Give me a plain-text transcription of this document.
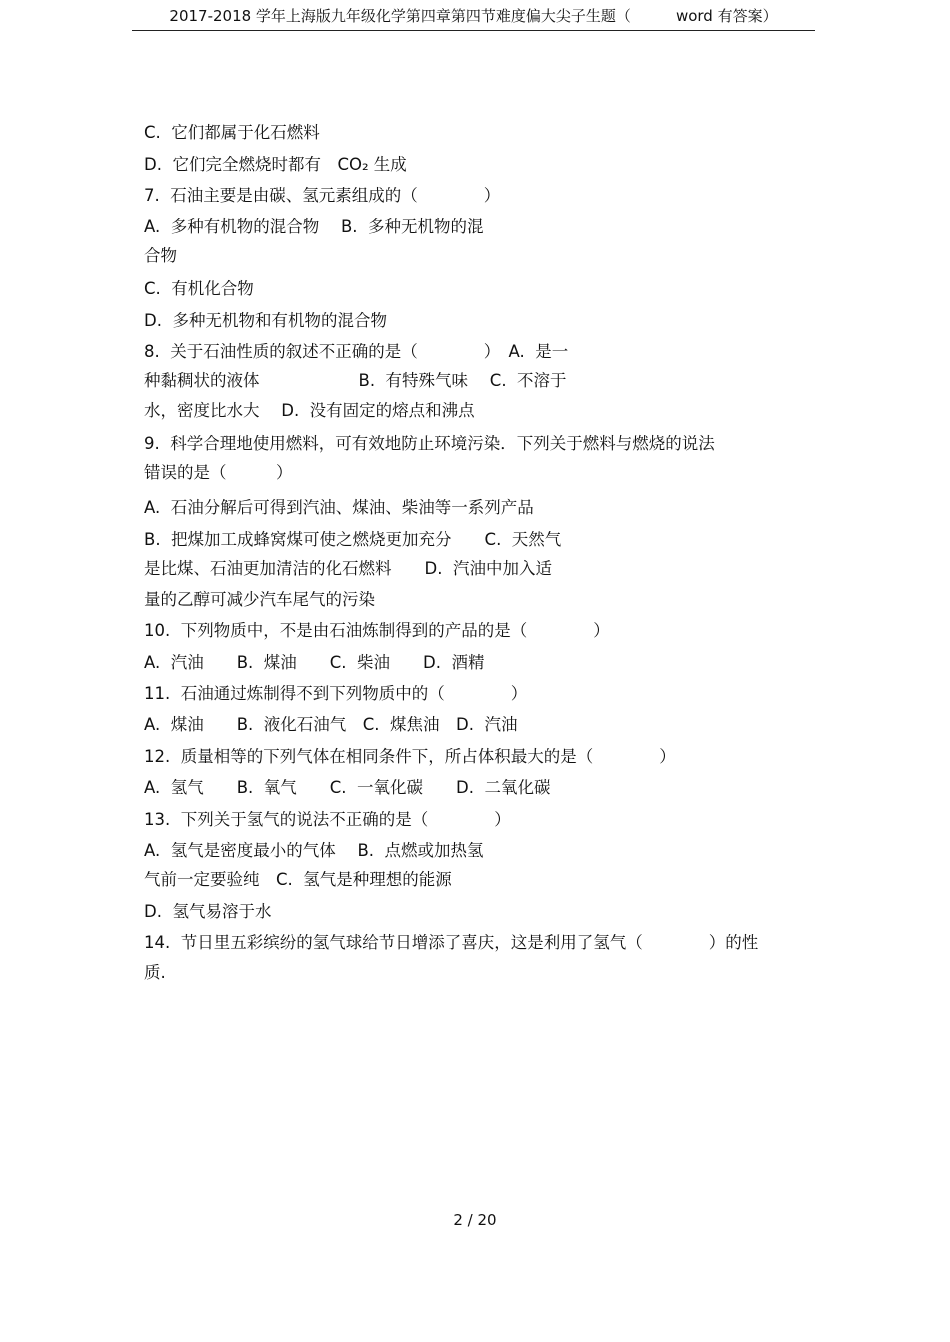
2017-2018 学年上海版九年级化学第四章第四节难度偏大尖子生题（　　　word 有答案）
C.  它们都属于化石燃料
D.  它们完全燃烧时都有　CO₂ 生成
7.  石油主要是由碳、氢元素组成的（　　　　）
A.  多种有机物的混合物　 B.  多种无机物的混
合物
C.  有机化合物
D.  多种无机物和有机物的混合物
8.  关于石油性质的叙述不正确的是（　　　　）　A.  是一
种黏稠状的液体　　　　　　B.  有特殊气味　 C.  不溶于
水，密度比水大　 D.  没有固定的熔点和沸点
9.  科学合理地使用燃料，可有效地防止环境污染．下列关于燃料与燃烧的说法
错误的是（　　　）
A.  石油分解后可得到汽油、煤油、柴油等一系列产品
B.  把煤加工成蜂窝煤可使之燃烧更加充分　　C.  天然气
是比煤、石油更加清洁的化石燃料　　D.  汽油中加入适
量的乙醇可减少汽车尾气的污染
10.  下列物质中，不是由石油炼制得到的产品的是（　　　　）
A.  汽油　　B.  煤油　　C.  柴油　　D.  酒精
11.  石油通过炼制得不到下列物质中的（　　　　）
A.  煤油　　B.  液化石油气　C.  煤焦油　D.  汽油
12.  质量相等的下列气体在相同条件下，所占体积最大的是（　　　　）
A.  氢气　　B.  氧气　　C.  一氧化碳　　D.  二氧化碳
13.  下列关于氢气的说法不正确的是（　　　　）
A.  氢气是密度最小的气体　 B.  点燃或加热氢
气前一定要验纯　C.  氢气是种理想的能源
D.  氢气易溶于水
14.  节日里五彩缤纷的氢气球给节日增添了喜庆，这是利用了氢气（　　　　）的性
质.
2 / 20
